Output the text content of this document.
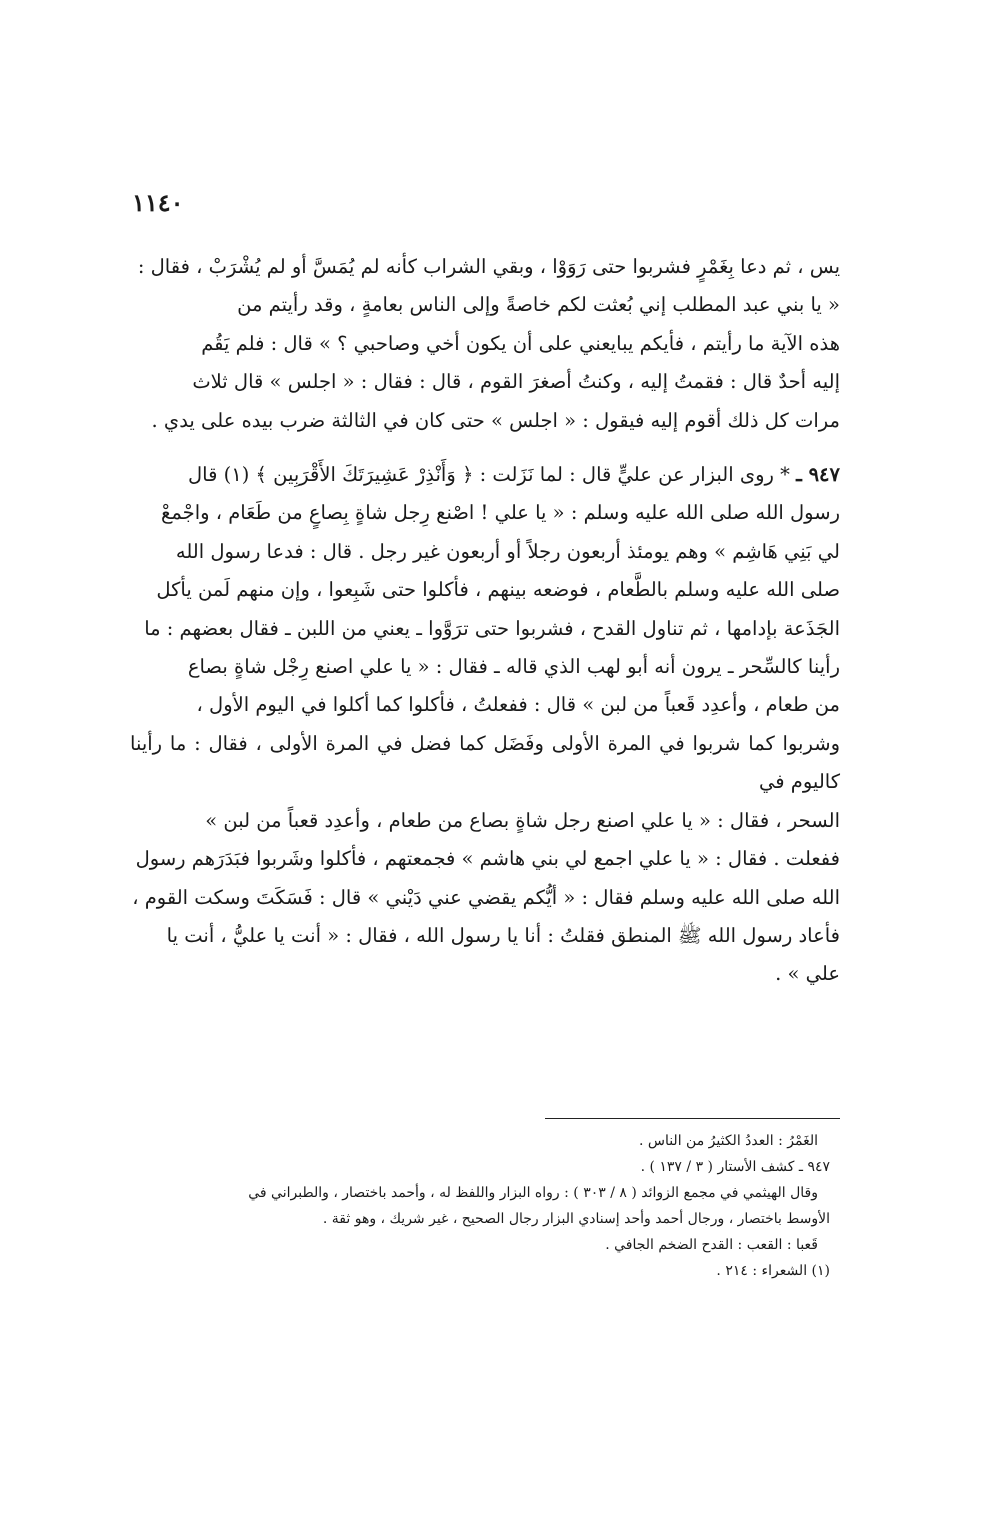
١١٤٠

يس ، ثم دعا بِغَمْرٍ فشربوا حتى رَوَوْا ، وبقي الشراب كأنه لم يُمَسَّ أو لم يُشْرَبْ ، فقال :

« يا بني عبد المطلب إني بُعثت لكم خاصةً وإلى الناس بعامةٍ ، وقد رأيتم من

هذه الآية ما رأيتم ، فأيكم يبايعني على أن يكون أخي وصاحبي ؟ » قال : فلم يَقُم

إليه أحدٌ قال : فقمتُ إليه ، وكنتُ أصغرَ القوم ، قال : فقال : « اجلس » قال ثلاث

مرات كل ذلك أقوم إليه فيقول : « اجلس » حتى كان في الثالثة ضرب بيده على يدي .

٩٤٧ ـ * روى البزار عن عليٍّ قال : لما نَزَلت : ﴿ وَأَنْذِرْ عَشِيرَتَكَ الأَقْرَبِين ﴾ (١) قال

رسول الله صلى الله عليه وسلم : « يا علي ! اصْنع رِجل شاةٍ بِصاعٍ من طَعَام ، واجْمعْ

لي بَنِي هَاشِم » وهم يومئذ أربعون رجلاً أو أربعون غير رجل . قال : فدعا رسول الله

صلى الله عليه وسلم بالطَّعام ، فوضعه بينهم ، فأكلوا حتى شَبِعوا ، وإن منهم لَمن يأكل

الجَذَعة بإدامها ، ثم تناول القدح ، فشربوا حتى ترَوَّوا ـ يعني من اللبن ـ فقال بعضهم : ما

رأينا كالسِّحر ـ يرون أنه أبو لهب الذي قاله ـ فقال : « يا علي اصنع رِجْل شاةٍ بصاع

من طعام ، وأعدِد قَعباً من لبن » قال : ففعلتُ ، فأكلوا كما أكلوا في اليوم الأول ،

وشربوا كما شربوا في المرة الأولى وفَضَل كما فضل في المرة الأولى ، فقال : ما رأينا كاليوم في

السحر ، فقال : « يا علي اصنع رجل شاةٍ بصاع من طعام ، وأعدِد قعباً من لبن »

ففعلت . فقال : « يا علي اجمع لي بني هاشم » فجمعتهم ، فأكلوا وشَربوا فبَدَرَهم رسول

الله صلى الله عليه وسلم فقال : « أيُّكم يقضي عني دَيْني » قال : فَسَكَتَ وسكت القوم ،

فأعاد رسول الله ﷺ المنطق فقلتُ : أنا يا رسول الله ، فقال : « أنت يا عليُّ ، أنت يا

علي » .

الغَمْرُ : العددُ الكثيرُ من الناس .

٩٤٧ ـ كشف الأستار ( ٣ / ١٣٧ ) .

وقال الهيثمي في مجمع الزوائد ( ٨ / ٣٠٣ ) : رواه البزار واللفظ له ، وأحمد باختصار ، والطبراني في

الأوسط باختصار ، ورجال أحمد وأحد إسنادي البزار رجال الصحيح ، غير شريك ، وهو ثقة .

قَعبا : القعب : القدح الضخم الجافي .

(١) الشعراء : ٢١٤ .
